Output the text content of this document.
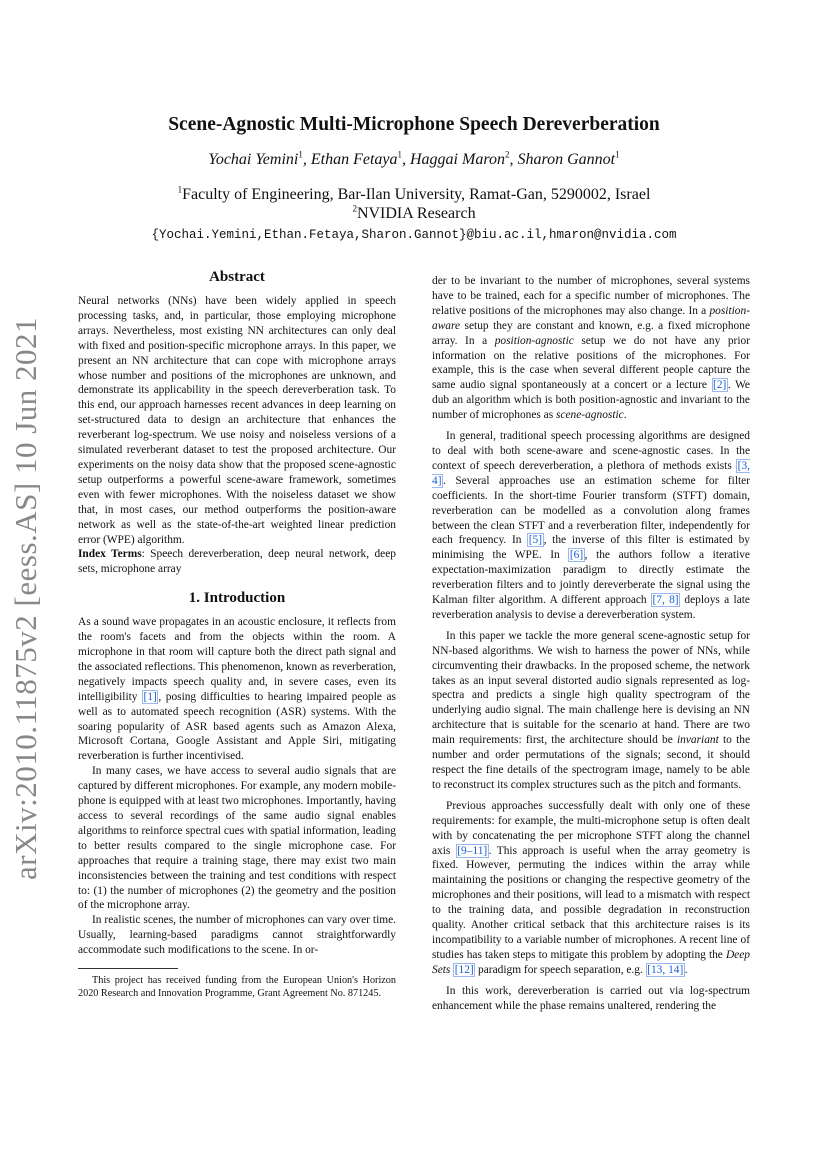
arXiv:2010.11875v2 [eess.AS] 10 Jun 2021
Scene-Agnostic Multi-Microphone Speech Dereverberation
Yochai Yemini$^1$, Ethan Fetaya$^1$, Haggai Maron$^2$, Sharon Gannot$^1$
$^1$Faculty of Engineering, Bar-Ilan University, Ramat-Gan, 5290002, Israel
$^2$NVIDIA Research
{Yochai.Yemini,Ethan.Fetaya,Sharon.Gannot}@biu.ac.il,hmaron@nvidia.com
Abstract

Neural networks (NNs) have been widely applied in speech processing tasks, and, in particular, those employing microphone arrays. Nevertheless, most existing NN architectures can only deal with fixed and position-specific microphone arrays. In this paper, we present an NN architecture that can cope with microphone arrays whose number and positions of the microphones are unknown, and demonstrate its applicability in the speech dereverberation task. To this end, our approach harnesses recent advances in deep learning on set-structured data to design an architecture that enhances the reverberant log-spectrum. We use noisy and noiseless versions of a simulated reverberant dataset to test the proposed architecture. Our experiments on the noisy data show that the proposed scene-agnostic setup outperforms a powerful scene-aware framework, sometimes even with fewer microphones. With the noiseless dataset we show that, in most cases, our method outperforms the position-aware network as well as the state-of-the-art weighted linear prediction error (WPE) algorithm.

Index Terms: Speech dereverberation, deep neural network, deep sets, microphone array

1. Introduction

As a sound wave propagates in an acoustic enclosure, it reflects from the room's facets and from the objects within the room. A microphone in that room will capture both the direct path signal and the associated reflections. This phenomenon, known as reverberation, negatively impacts speech quality and, in severe cases, even its intelligibility [1] , posing difficulties to hearing impaired people as well as to automated speech recognition (ASR) systems. With the soaring popularity of ASR based agents such as Amazon Alexa, Microsoft Cortana, Google Assistant and Apple Siri, mitigating reverberation is further incentivised.

In many cases, we have access to several audio signals that are captured by different microphones. For example, any modern mobile-phone is equipped with at least two microphones. Importantly, having access to several recordings of the same audio signal enables algorithms to reinforce spectral cues with spatial information, leading to better results compared to the single microphone case. For approaches that require a training stage, there may exist two main inconsistencies between the training and test conditions with respect to: (1) the number of microphones (2) the geometry and the position of the microphone array.

In realistic scenes, the number of microphones can vary over time. Usually, learning-based paradigms cannot straightforwardly accommodate such modifications to the scene. In or-

This project has received funding from the European Union's Horizon 2020 Research and Innovation Programme, Grant Agreement No. 871245.

der to be invariant to the number of microphones, several systems have to be trained, each for a specific number of microphones. The relative positions of the microphones may also change. In a position-aware setup they are constant and known, e.g. a fixed microphone array. In a position-agnostic setup we do not have any prior information on the relative positions of the microphones. For example, this is the case when several different people capture the same audio signal spontaneously at a concert or a lecture [2] . We dub an algorithm which is both position-agnostic and invariant to the number of microphones as scene-agnostic.

In general, traditional speech processing algorithms are designed to deal with both scene-aware and scene-agnostic cases. In the context of speech dereverberation, a plethora of methods exists [3, 4] . Several approaches use an estimation scheme for filter coefficients. In the short-time Fourier transform (STFT) domain, reverberation can be modelled as a convolution along frames between the clean STFT and a reverberation filter, independently for each frequency. In [5] , the inverse of this filter is estimated by minimising the WPE. In [6] , the authors follow a iterative expectation-maximization paradigm to directly estimate the reverberation filters and to jointly dereverberate the signal using the Kalman filter algorithm. A different approach [7, 8] deploys a late reverberation analysis to devise a dereverberation system.

In this paper we tackle the more general scene-agnostic setup for NN-based algorithms. We wish to harness the power of NNs, while circumventing their drawbacks. In the proposed scheme, the network takes as an input several distorted audio signals represented as log-spectra and predicts a single high quality spectrogram of the underlying audio signal. The main challenge here is devising an NN architecture that is suitable for the scenario at hand. There are two main requirements: first, the architecture should be invariant to the number and order permutations of the signals; second, it should respect the fine details of the spectrogram image, namely to be able to reconstruct its complex structures such as the pitch and formants.

Previous approaches successfully dealt with only one of these requirements: for example, the multi-microphone setup is often dealt with by concatenating the per microphone STFT along the channel axis [9–11] . This approach is useful when the array geometry is fixed. However, permuting the indices within the array while maintaining the positions or changing the respective geometry of the microphones and their positions, will lead to a mismatch with respect to the training data, and possible degradation in reconstruction quality. Another critical setback that this architecture raises is its incompatibility to a variable number of microphones. A recent line of studies has taken steps to mitigate this problem by adopting the Deep Sets [12] paradigm for speech separation, e.g. [13, 14] .

In this work, dereverberation is carried out via log-spectrum enhancement while the phase remains unaltered, rendering the
